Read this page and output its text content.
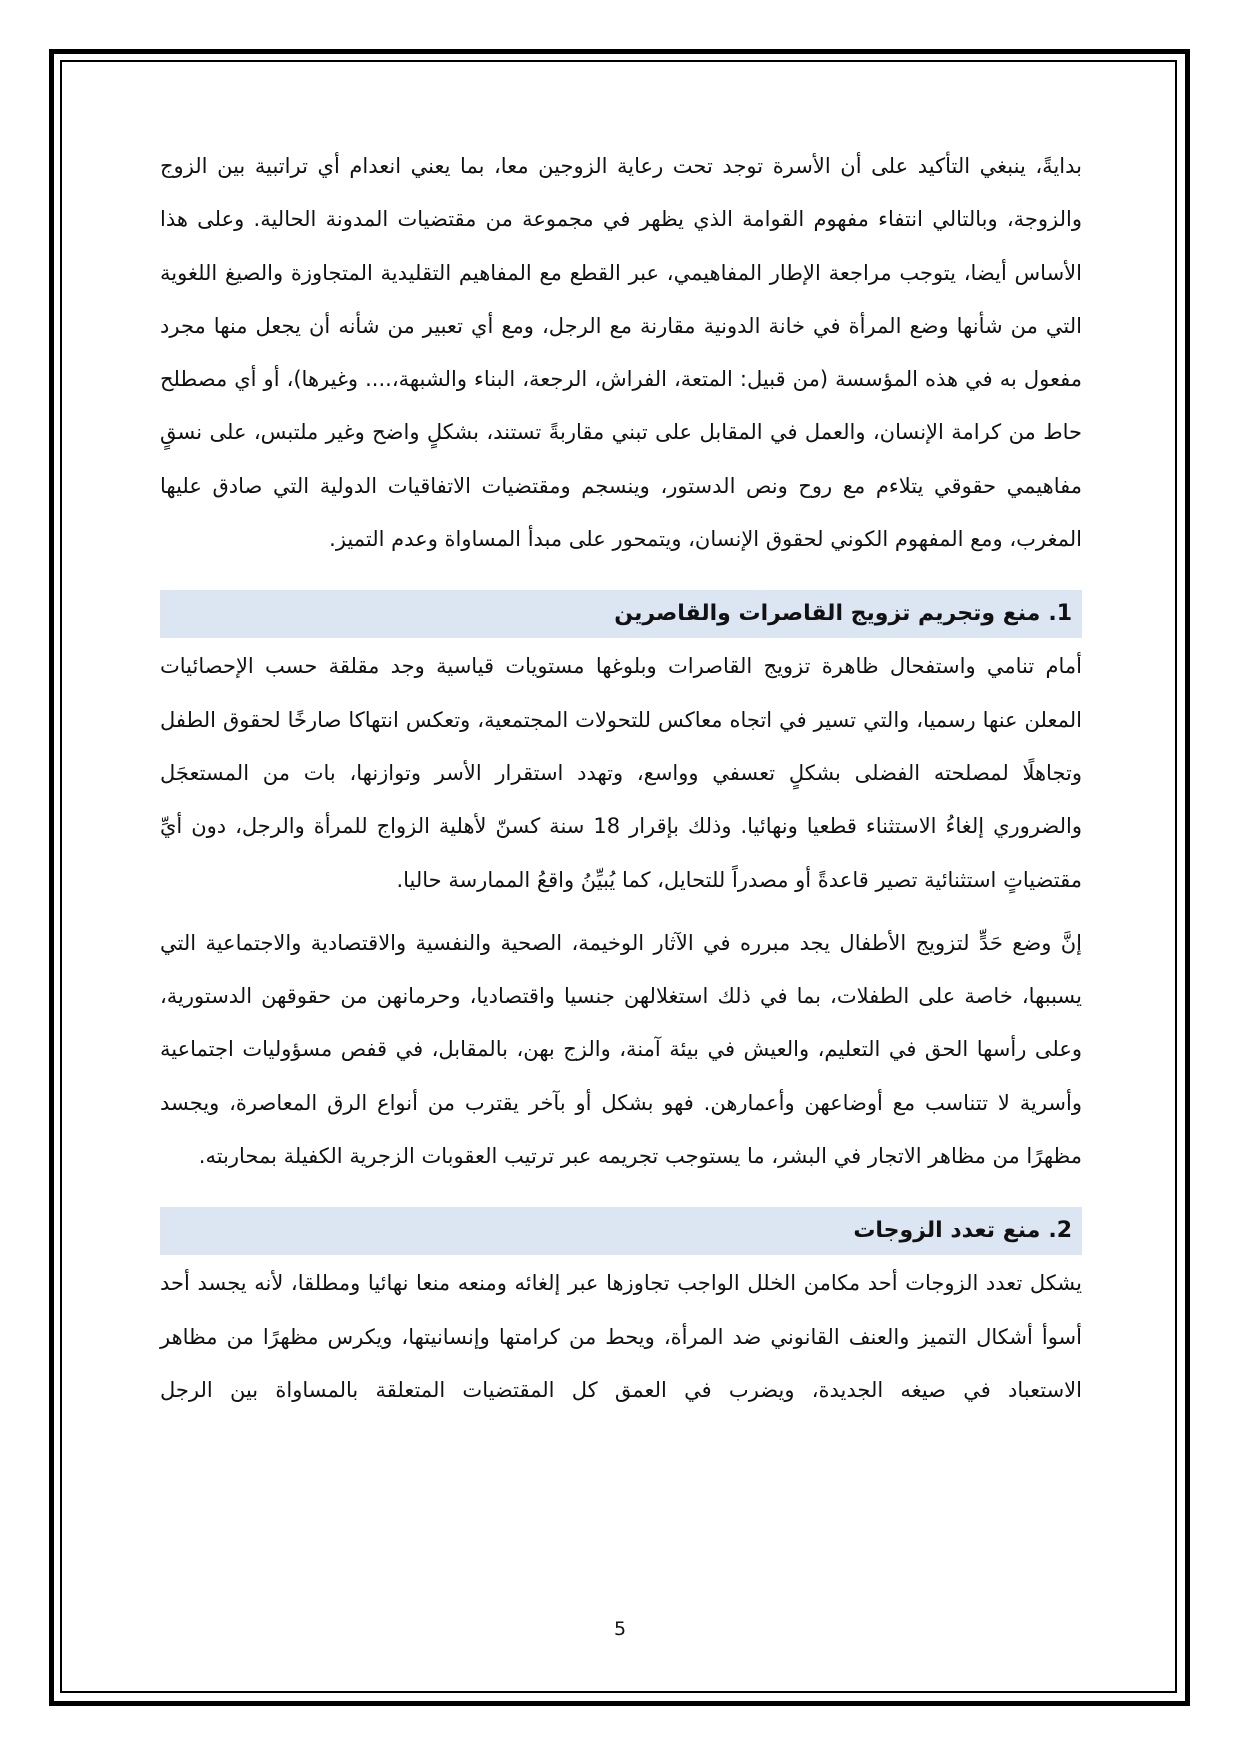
بدايةً، ينبغي التأكيد على أن الأسرة توجد تحت رعاية الزوجين معا، بما يعني انعدام أي تراتبية بين الزوج والزوجة، وبالتالي انتفاء مفهوم القوامة الذي يظهر في مجموعة من مقتضيات المدونة الحالية. وعلى هذا الأساس أيضا، يتوجب مراجعة الإطار المفاهيمي، عبر القطع مع المفاهيم التقليدية المتجاوزة والصيغ اللغوية التي من شأنها وضع المرأة في خانة الدونية مقارنة مع الرجل، ومع أي تعبير من شأنه أن يجعل منها مجرد مفعول به في هذه المؤسسة (من قبيل: المتعة، الفراش، الرجعة، البناء والشبهة،.... وغيرها)، أو أي مصطلح حاط من كرامة الإنسان، والعمل في المقابل على تبني مقاربةً تستند، بشكلٍ واضح وغير ملتبس، على نسقٍ مفاهيمي حقوقي يتلاءم مع روح ونص الدستور، وينسجم ومقتضيات الاتفاقيات الدولية التي صادق عليها المغرب، ومع المفهوم الكوني لحقوق الإنسان، ويتمحور على مبدأ المساواة وعدم التميز.

1.منع وتجريم تزويج القاصرات والقاصرين

أمام تنامي واستفحال ظاهرة تزويج القاصرات وبلوغها مستويات قياسية وجد مقلقة حسب الإحصائيات المعلن عنها رسميا، والتي تسير في اتجاه معاكس للتحولات المجتمعية، وتعكس انتهاكا صارخًا لحقوق الطفل وتجاهلًا لمصلحته الفضلى بشكلٍ تعسفي وواسع، وتهدد استقرار الأسر وتوازنها، بات من المستعجَل والضروري إلغاءُ الاستثناء قطعيا ونهائيا. وذلك بإقرار 18 سنة كسنّ لأهلية الزواج للمرأة والرجل، دون أيِّ مقتضياتٍ استثنائية تصير قاعدةً أو مصدراً للتحايل، كما يُبيِّنُ واقعُ الممارسة حاليا.

إنَّ وضع حَدٍّ لتزويج الأطفال يجد مبرره في الآثار الوخيمة، الصحية والنفسية والاقتصادية والاجتماعية التي يسببها، خاصة على الطفلات، بما في ذلك استغلالهن جنسيا واقتصاديا، وحرمانهن من حقوقهن الدستورية، وعلى رأسها الحق في التعليم، والعيش في بيئة آمنة، والزج بهن، بالمقابل، في قفص مسؤوليات اجتماعية وأسرية لا تتناسب مع أوضاعهن وأعمارهن. فهو بشكل أو بآخر يقترب من أنواع الرق المعاصرة، ويجسد مظهرًا من مظاهر الاتجار في البشر، ما يستوجب تجريمه عبر ترتيب العقوبات الزجرية الكفيلة بمحاربته.

2.منع تعدد الزوجات

يشكل تعدد الزوجات أحد مكامن الخلل الواجب تجاوزها عبر إلغائه ومنعه منعا نهائيا ومطلقا، لأنه يجسد أحد أسوأ أشكال التميز والعنف القانوني ضد المرأة، ويحط من كرامتها وإنسانيتها، ويكرس مظهرًا من مظاهر الاستعباد في صيغه الجديدة، ويضرب في العمق كل المقتضيات المتعلقة بالمساواة بين الرجل

5
